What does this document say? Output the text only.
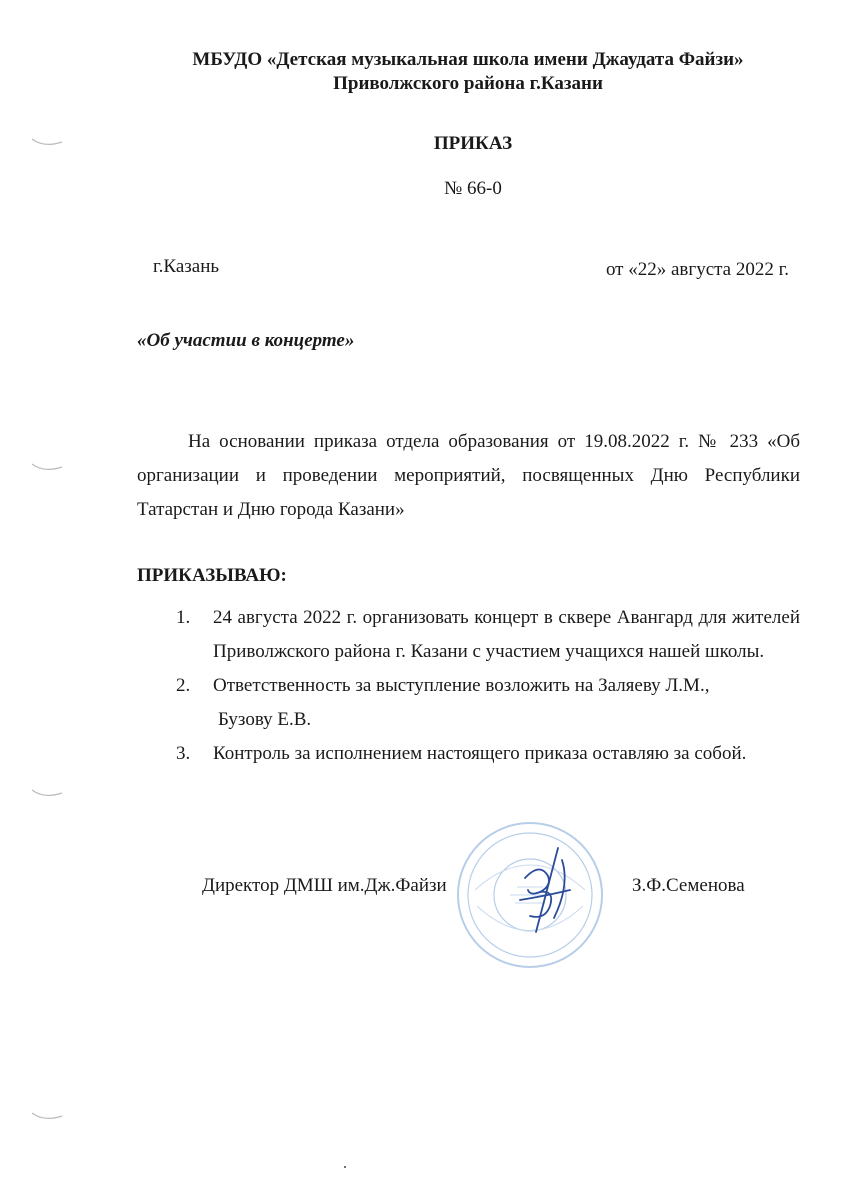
МБУДО «Детская музыкальная школа имени Джаудата Файзи»
Приволжского района г.Казани
ПРИКАЗ
№ 66-0
г.Казань	от «22» августа 2022 г.
«Об участии в концерте»
На основании приказа отдела образования от 19.08.2022 г. № 233 «Об организации и проведении мероприятий, посвященных Дню Республики Татарстан и Дню города Казани»
ПРИКАЗЫВАЮ:
1. 24 августа 2022 г. организовать концерт в сквере Авангард для жителей Приволжского района г. Казани с участием учащихся нашей школы.
2. Ответственность за выступление возложить на Заляеву Л.М.,
Бузову Е.В.
3. Контроль за исполнением настоящего приказа оставляю за собой.
Директор ДМШ им.Дж.Файзи	З.Ф.Семенова
